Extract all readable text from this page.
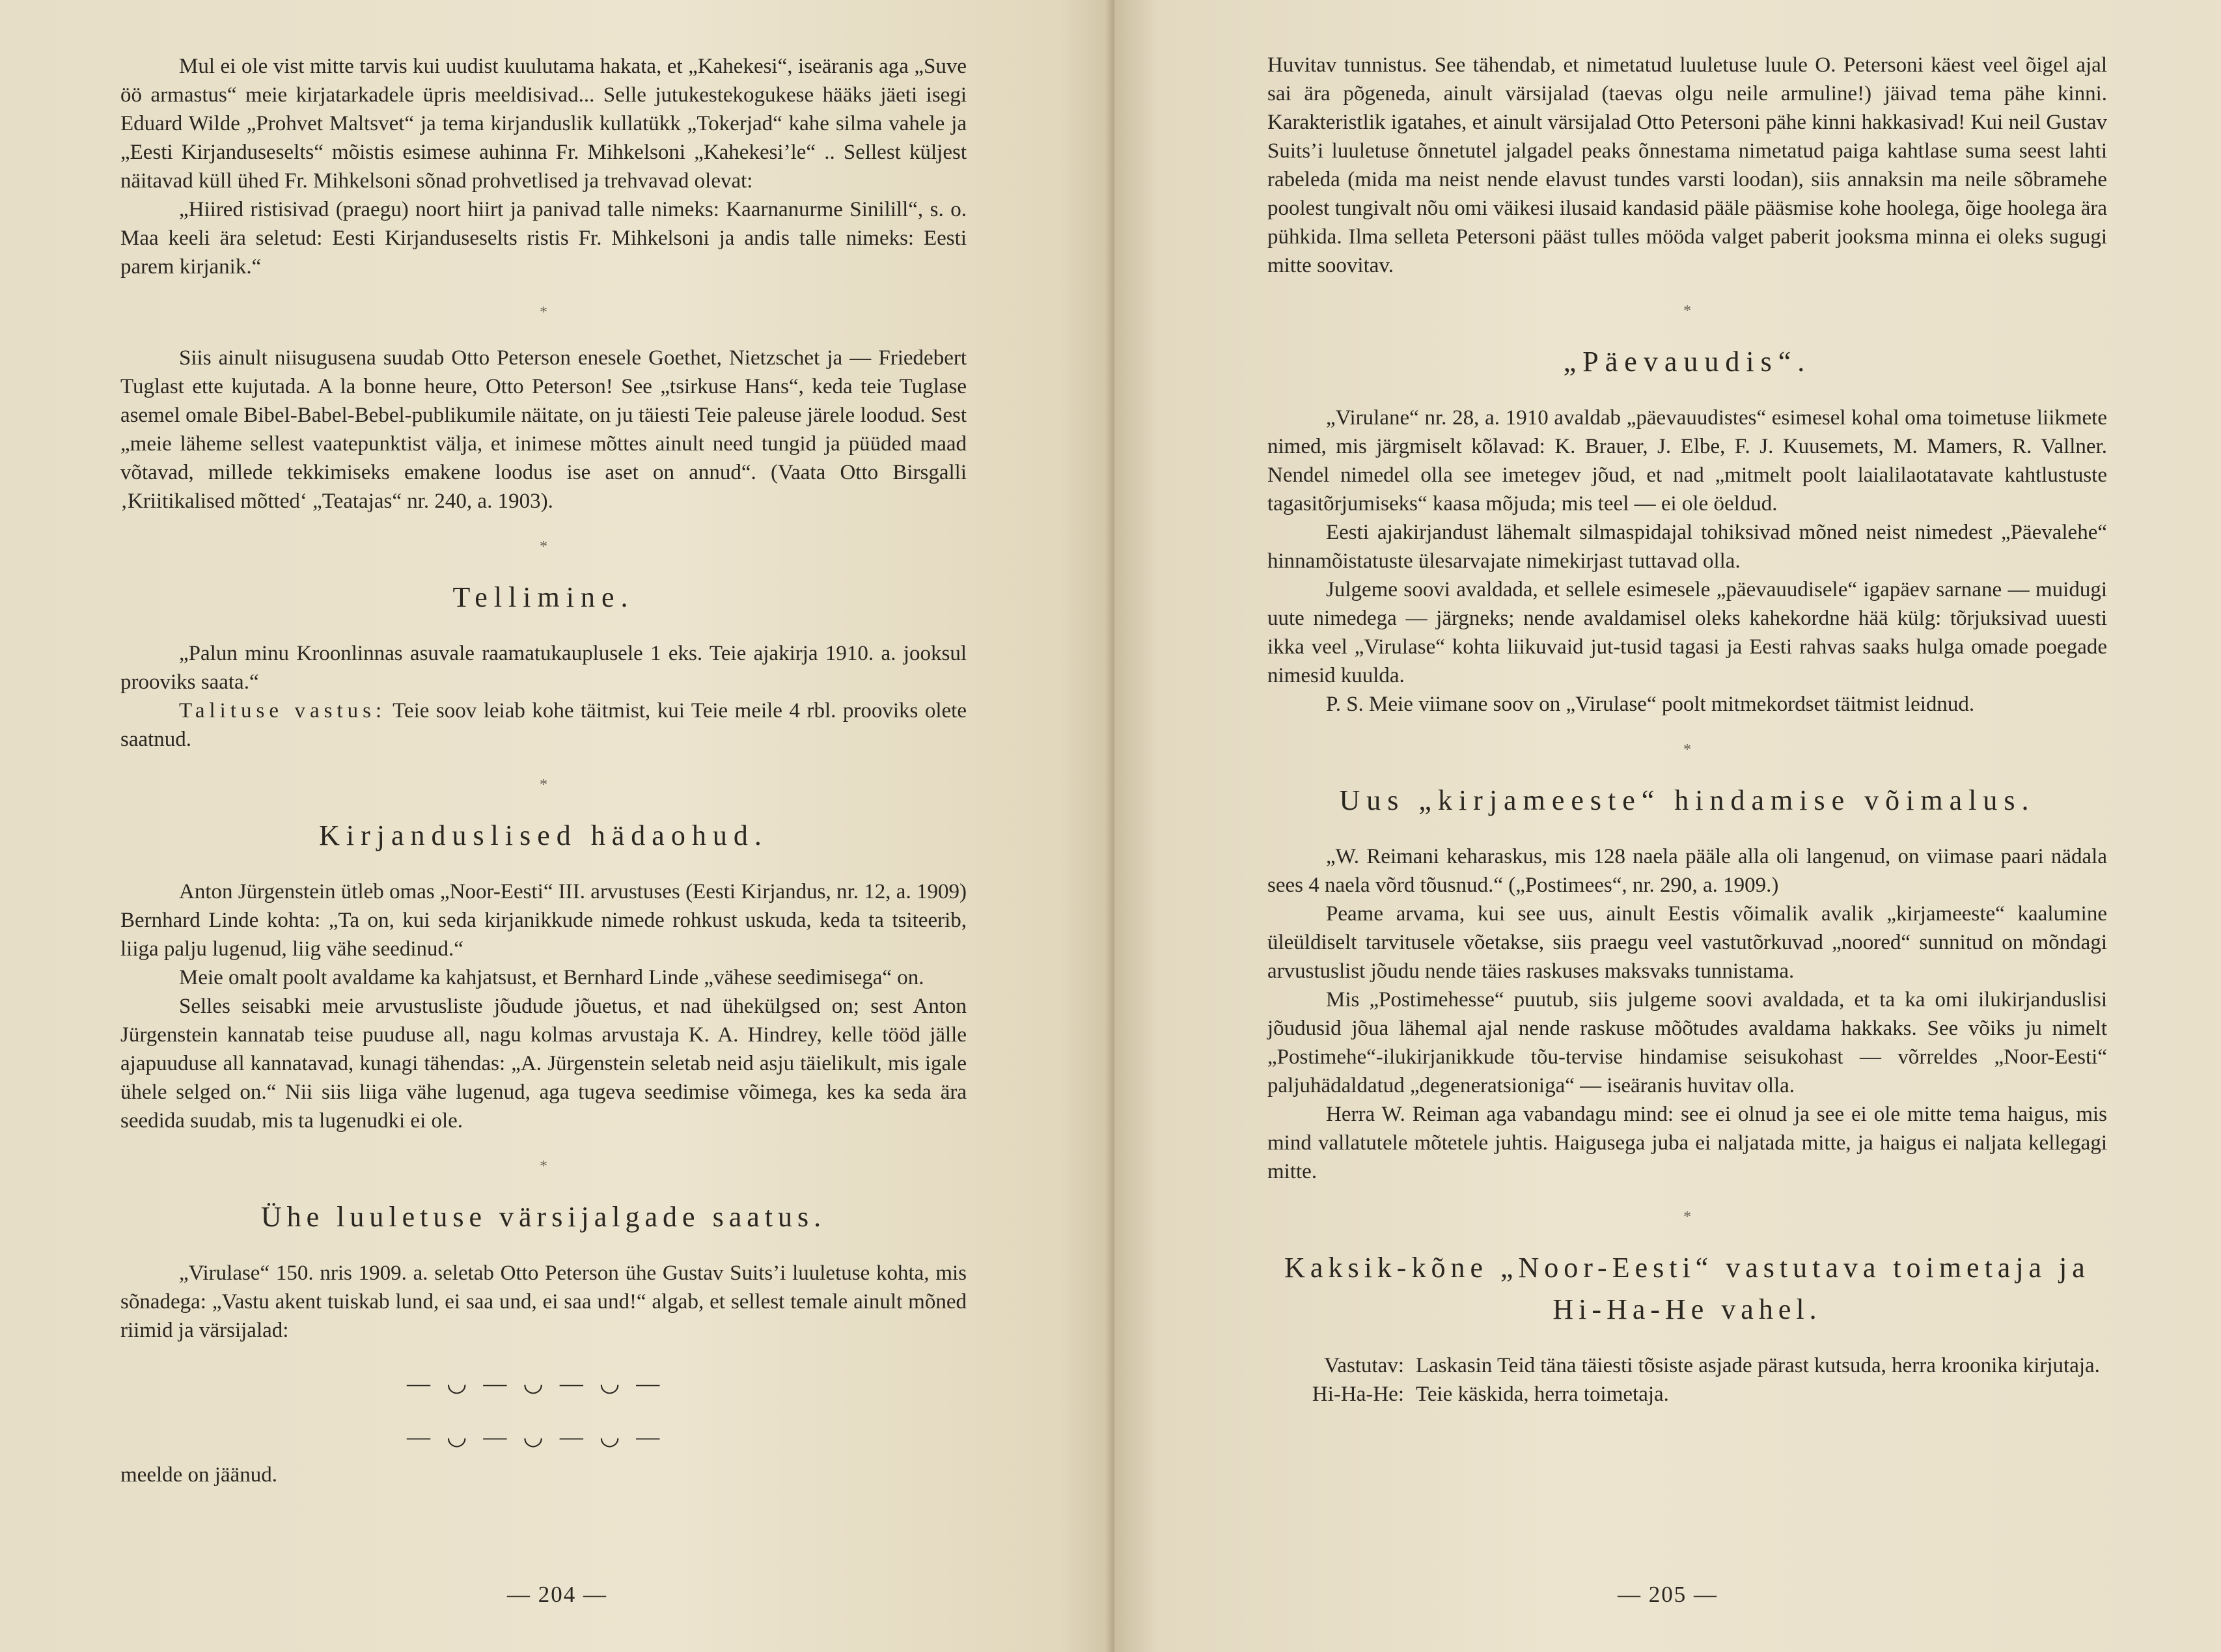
Mul ei ole vist mitte tarvis kui uudist kuulutama hakata, et „Kahekesi“, iseäranis aga „Suve öö armastus“ meie kirjatarkadele üpris meeldisivad... Selle jutukestekogukese hääks jäeti isegi Eduard Wilde „Prohvet Maltsvet“ ja tema kirjanduslik kullatükk „Tokerjad“ kahe silma vahele ja „Eesti Kirjanduseselts“ mõistis esimese auhinna Fr. Mihkelsoni „Kahekesi’le“ .. Sellest küljest näitavad küll ühed Fr. Mihkelsoni sõnad prohvetlised ja trehvavad olevat:

„Hiired ristisivad (praegu) noort hiirt ja panivad talle nimeks: Kaarnanurme Sinilill“, s. o. Maa keeli ära seletud: Eesti Kirjanduseselts ristis Fr. Mihkelsoni ja andis talle nimeks: Eesti parem kirjanik.“

*

Siis ainult niisugusena suudab Otto Peterson enesele Goethet, Nietzschet ja — Friedebert Tuglast ette kujutada. A la bonne heure, Otto Peterson! See „tsirkuse Hans“, keda teie Tuglase asemel omale Bibel-Babel-Bebel-publikumile näitate, on ju täiesti Teie paleuse järele loodud. Sest „meie läheme sellest vaatepunktist välja, et inimese mõttes ainult need tungid ja püüded maad võtavad, millede tekkimiseks emakene loodus ise aset on annud“. (Vaata Otto Birsgalli ‚Kriitikalised mõtted‘ „Teatajas“ nr. 240, a. 1903).

*
Tellimine.

„Palun minu Kroonlinnas asuvale raamatukauplusele 1 eks. Teie ajakirja 1910. a. jooksul prooviks saata.“

Talituse vastus: Teie soov leiab kohe täitmist, kui Teie meile 4 rbl. prooviks olete saatnud.

*
Kirjanduslised hädaohud.

Anton Jürgenstein ütleb omas „Noor-Eesti“ III. arvustuses (Eesti Kirjandus, nr. 12, a. 1909) Bernhard Linde kohta: „Ta on, kui seda kirjanikkude nimede rohkust uskuda, keda ta tsiteerib, liiga palju lugenud, liig vähe seedinud.“

Meie omalt poolt avaldame ka kahjatsust, et Bernhard Linde „vähese seedimisega“ on.

Selles seisabki meie arvustusliste jõudude jõuetus, et nad ühekülgsed on; sest Anton Jürgenstein kannatab teise puuduse all, nagu kolmas arvustaja K. A. Hindrey, kelle tööd jälle ajapuuduse all kannatavad, kunagi tähendas: „A. Jürgenstein seletab neid asju täielikult, mis igale ühele selged on.“ Nii siis liiga vähe lugenud, aga tugeva seedimise võimega, kes ka seda ära seedida suudab, mis ta lugenudki ei ole.

*
Ühe luuletuse värsijalgade saatus.

„Virulase“ 150. nris 1909. a. seletab Otto Peterson ühe Gustav Suits’i luuletuse kohta, mis sõnadega: „Vastu akent tuiskab lund, ei saa und, ei saa und!“ algab, et sellest temale ainult mõned riimid ja värsijalad:

— ◡ — ◡ — ◡ —
— ◡ — ◡ — ◡ —

meelde on jäänud.

— 204 —

Huvitav tunnistus. See tähendab, et nimetatud luuletuse luule O. Petersoni käest veel õigel ajal sai ära põgeneda, ainult värsijalad (taevas olgu neile armuline!) jäivad tema pähe kinni. Karakteristlik igatahes, et ainult värsijalad Otto Petersoni pähe kinni hakkasivad! Kui neil Gustav Suits’i luuletuse õnnetutel jalgadel peaks õnnestama nimetatud paiga kahtlase suma seest lahti rabeleda (mida ma neist nende elavust tundes varsti loodan), siis annaksin ma neile sõbramehe poolest tungivalt nõu omi väikesi ilusaid kandasid pääle pääsmise kohe hoolega, õige hoolega ära pühkida. Ilma selleta Petersoni pääst tulles mööda valget paberit jooksma minna ei oleks sugugi mitte soovitav.

*
„Päevauudis“.

„Virulane“ nr. 28, a. 1910 avaldab „päevauudistes“ esimesel kohal oma toimetuse liikmete nimed, mis järgmiselt kõlavad: K. Brauer, J. Elbe, F. J. Kuusemets, M. Mamers, R. Vallner. Nendel nimedel olla see imetegev jõud, et nad „mitmelt poolt laialilaotatavate kahtlustuste tagasitõrjumiseks“ kaasa mõjuda; mis teel — ei ole öeldud.

Eesti ajakirjandust lähemalt silmaspidajal tohiksivad mõned neist nimedest „Päevalehe“ hinnamõistatuste ülesarvajate nimekirjast tuttavad olla.

Julgeme soovi avaldada, et sellele esimesele „päevauudisele“ igapäev sarnane — muidugi uute nimedega — järgneks; nende avaldamisel oleks kahekordne hää külg: tõrjuksivad uuesti ikka veel „Virulase“ kohta liikuvaid jut-tusid tagasi ja Eesti rahvas saaks hulga omade poegade nimesid kuulda.

P. S. Meie viimane soov on „Virulase“ poolt mitmekordset täitmist leidnud.

*
Uus „kirjameeste“ hindamise võimalus.

„W. Reimani keharaskus, mis 128 naela pääle alla oli langenud, on viimase paari nädala sees 4 naela võrd tõusnud.“ („Postimees“, nr. 290, a. 1909.)

Peame arvama, kui see uus, ainult Eestis võimalik avalik „kirjameeste“ kaalumine üleüldiselt tarvitusele võetakse, siis praegu veel vastutõrkuvad „noored“ sunnitud on mõndagi arvustuslist jõudu nende täies raskuses maksvaks tunnistama.

Mis „Postimehesse“ puutub, siis julgeme soovi avaldada, et ta ka omi ilukirjanduslisi jõudusid jõua lähemal ajal nende raskuse mõõtudes avaldama hakkaks. See võiks ju nimelt „Postimehe“-ilukirjanikkude tõu-tervise hindamise seisukohast — võrreldes „Noor-Eesti“ paljuhädaldatud „degeneratsioniga“ — iseäranis huvitav olla.

Herra W. Reiman aga vabandagu mind: see ei olnud ja see ei ole mitte tema haigus, mis mind vallatutele mõtetele juhtis. Haigusega juba ei naljatada mitte, ja haigus ei naljata kellegagi mitte.

*
Kaksik-kõne „Noor-Eesti“ vastutava toimetaja ja
Hi-Ha-He vahel.
Vastutav: Laskasin Teid täna täiesti tõsiste asjade pärast kutsuda, herra kroonika kirjutaja.
Hi-Ha-He: Teie käskida, herra toimetaja.
— 205 —
